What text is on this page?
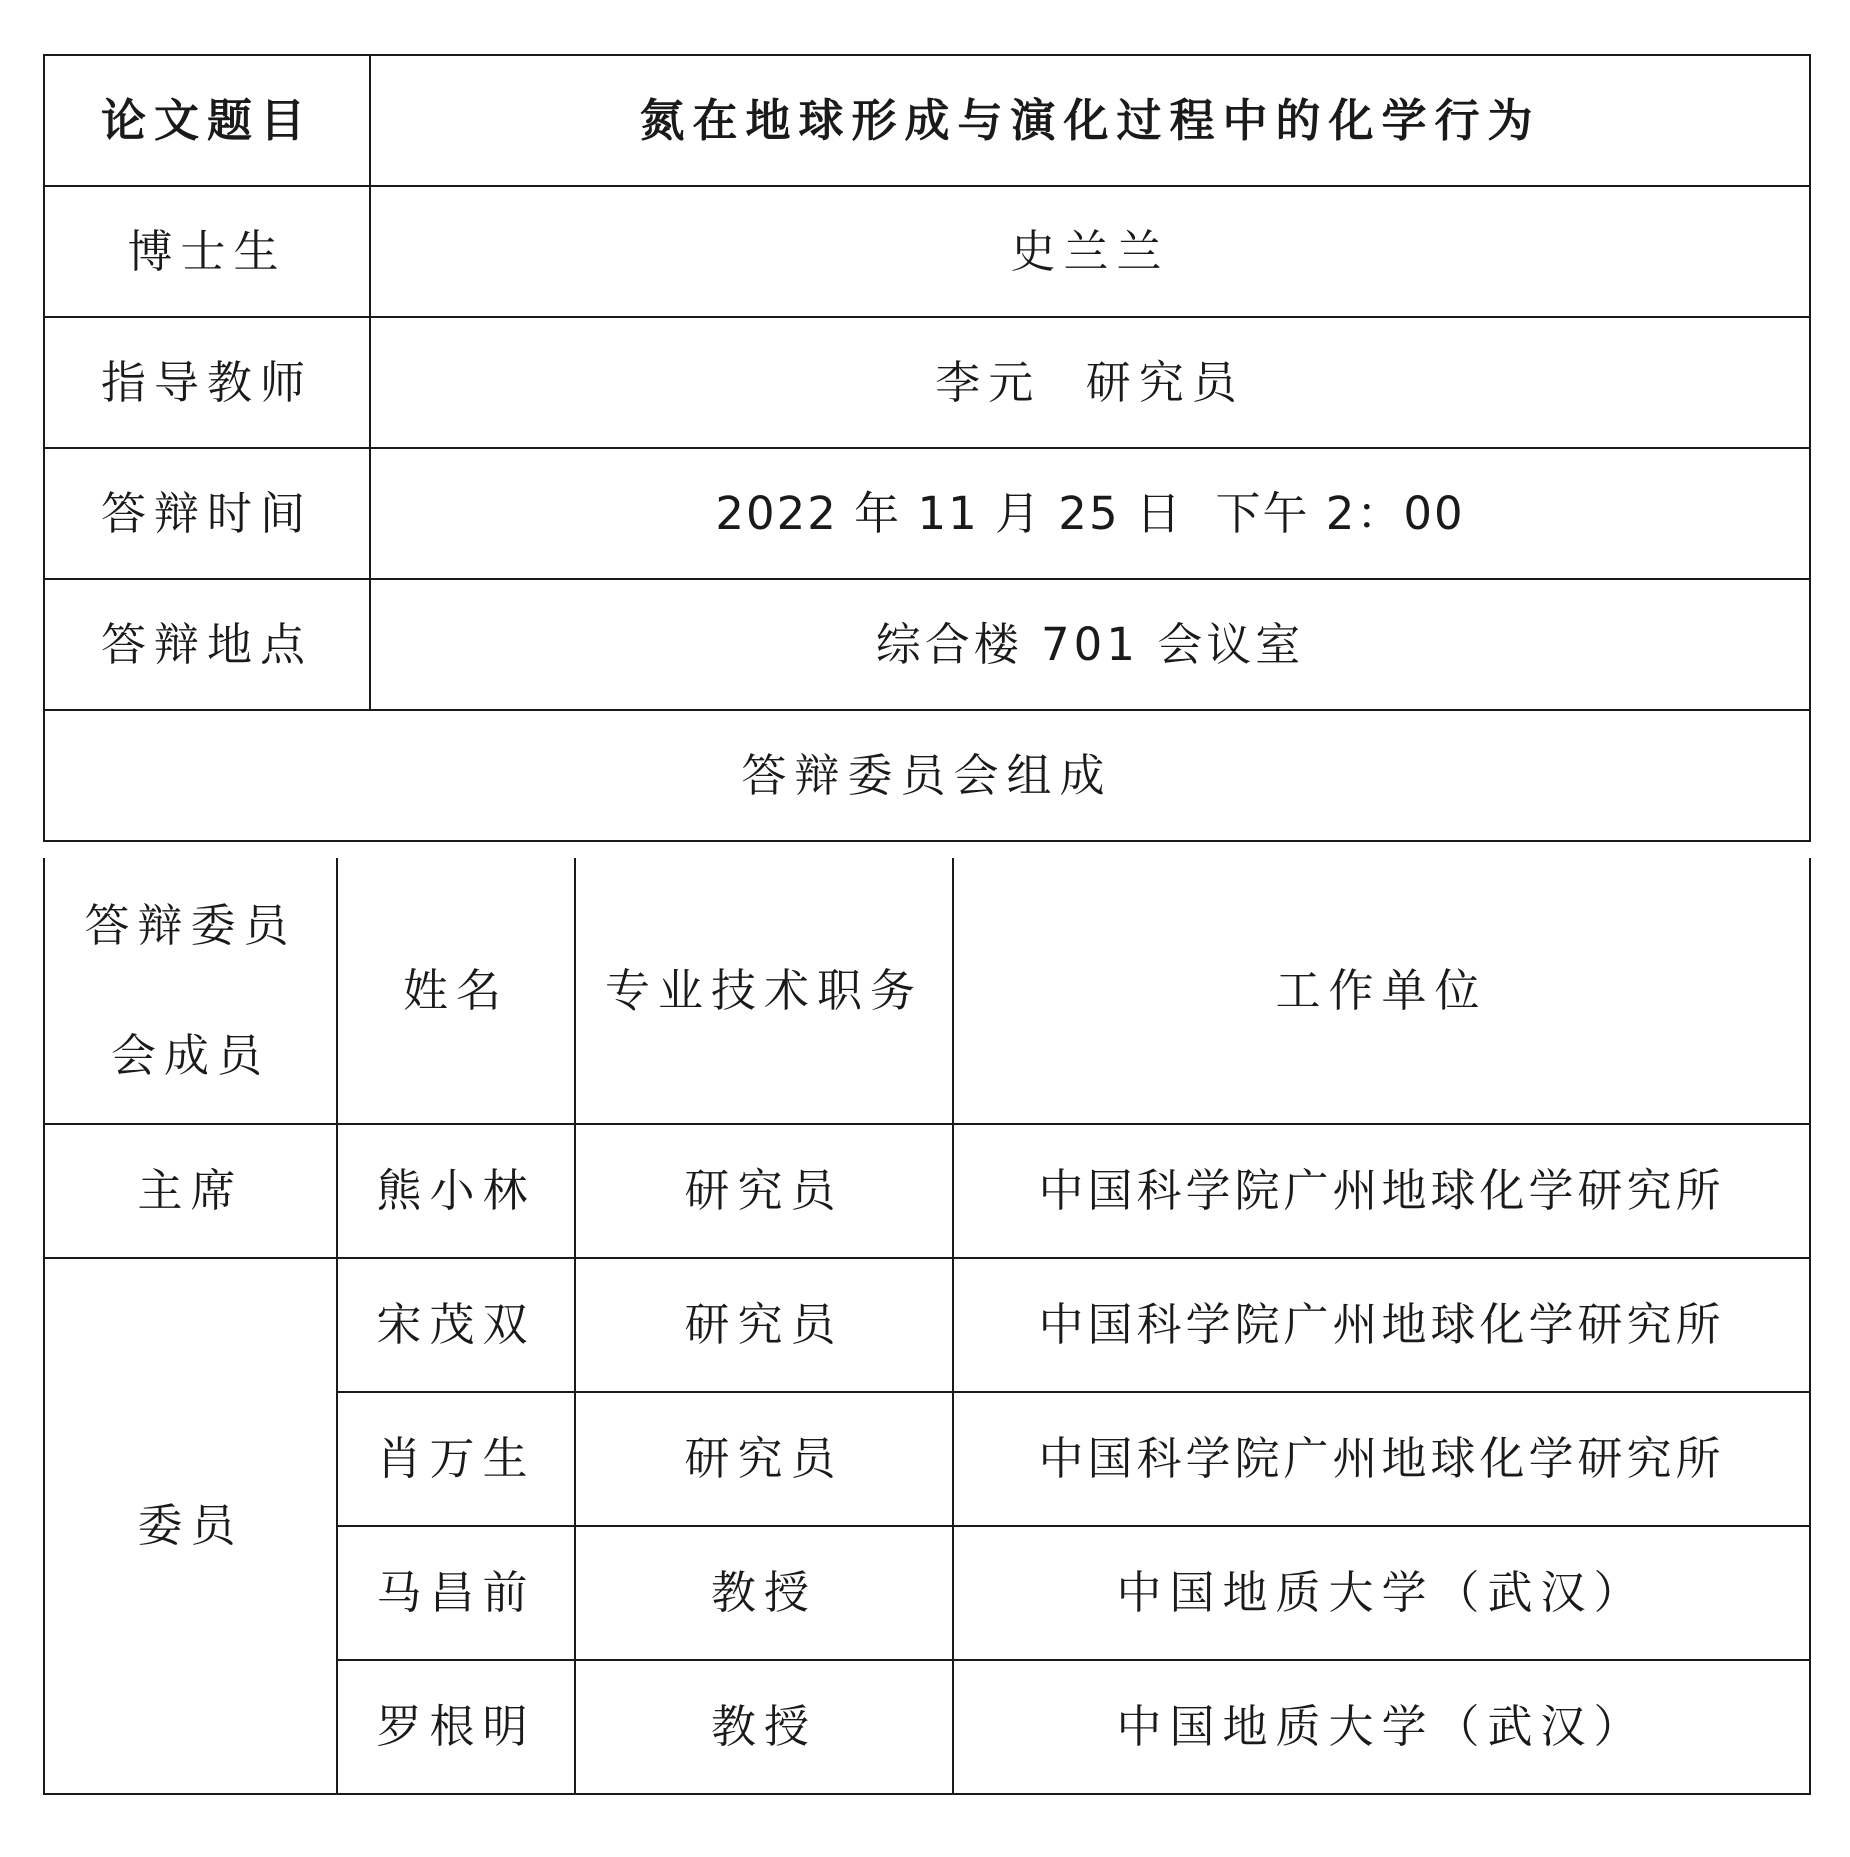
论文题目	氮在地球形成与演化过程中的化学行为
博士生	史兰兰
指导教师	李元  研究员
答辩时间	2022 年 11 月 25 日  下午 2：00
答辩地点	综合楼 701 会议室
答辩委员会组成	
答辩委员
会成员	姓名	专业技术职务	工作单位
主席	熊小林	研究员	中国科学院广州地球化学研究所
委员	宋茂双	研究员	中国科学院广州地球化学研究所
	肖万生	研究员	中国科学院广州地球化学研究所
	马昌前	教授	中国地质大学（武汉）
	罗根明	教授	中国地质大学（武汉）
